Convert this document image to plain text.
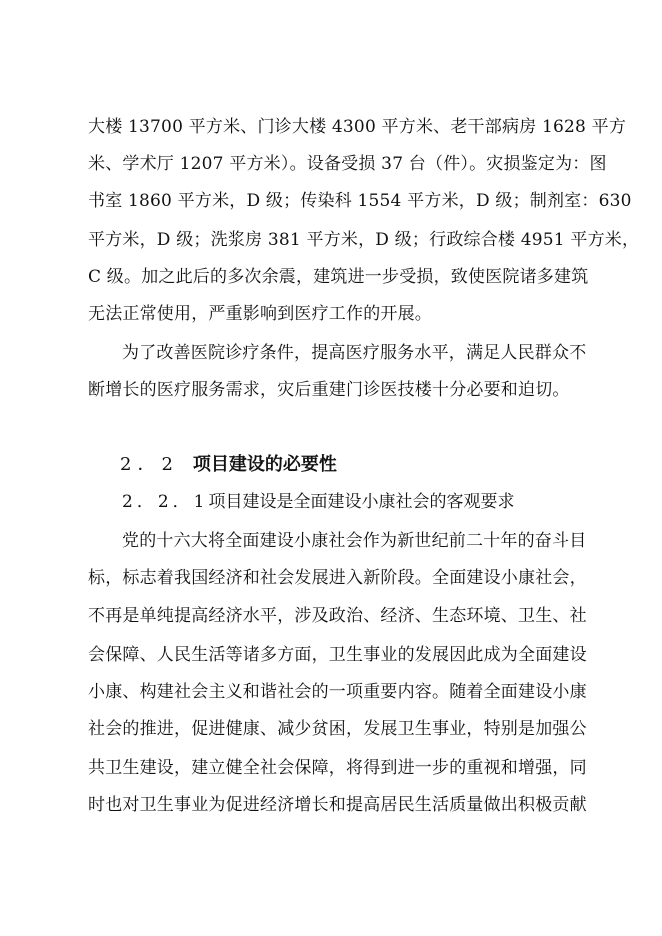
大楼 13700 平方米、门诊大楼 4300 平方米、老干部病房 1628 平方
米、学术厅 1207 平方米）。设备受损 37 台（件）。灾损鉴定为：图
书室 1860 平方米，D 级；传染科 1554 平方米，D 级；制剂室：630
平方米，D 级；洗浆房 381 平方米，D 级；行政综合楼 4951 平方米，
C 级。加之此后的多次余震，建筑进一步受损，致使医院诸多建筑
无法正常使用，严重影响到医疗工作的开展。
为了改善医院诊疗条件，提高医疗服务水平，满足人民群众不
断增长的医疗服务需求，灾后重建门诊医技楼十分必要和迫切。
2．2 项目建设的必要性
2．2．1项目建设是全面建设小康社会的客观要求
党的十六大将全面建设小康社会作为新世纪前二十年的奋斗目
标，标志着我国经济和社会发展进入新阶段。全面建设小康社会，
不再是单纯提高经济水平，涉及政治、经济、生态环境、卫生、社
会保障、人民生活等诸多方面，卫生事业的发展因此成为全面建设
小康、构建社会主义和谐社会的一项重要内容。随着全面建设小康
社会的推进，促进健康、减少贫困，发展卫生事业，特别是加强公
共卫生建设，建立健全社会保障，将得到进一步的重视和增强，同
时也对卫生事业为促进经济增长和提高居民生活质量做出积极贡献
